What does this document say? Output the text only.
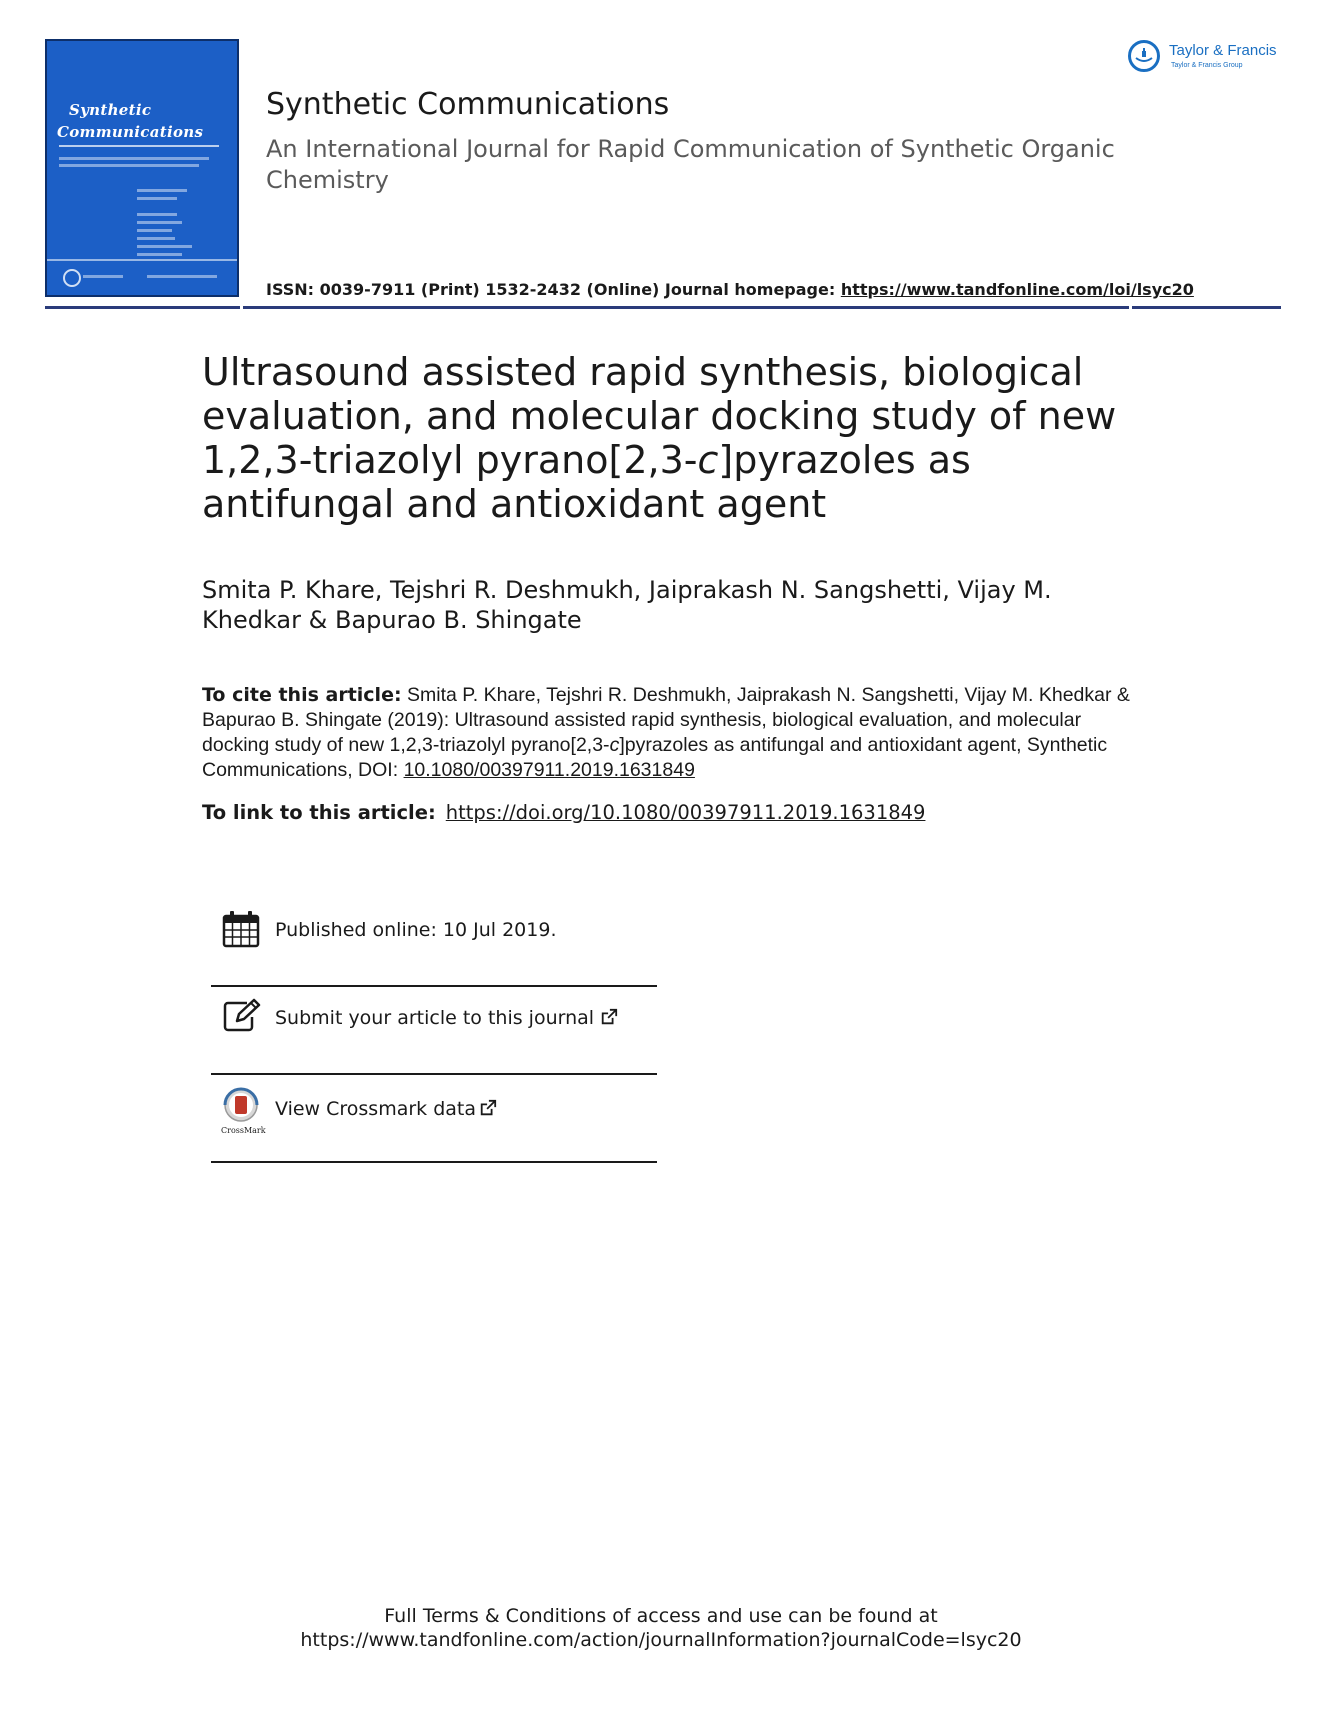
Synthetic
Communications
Taylor & Francis
Taylor & Francis Group
Synthetic Communications
An International Journal for Rapid Communication of Synthetic Organic Chemistry
ISSN: 0039-7911 (Print) 1532-2432 (Online) Journal homepage: https://www.tandfonline.com/loi/lsyc20
Ultrasound assisted rapid synthesis, biological evaluation, and molecular docking study of new 1,2,3-triazolyl pyrano[2,3-c]pyrazoles as antifungal and antioxidant agent
Smita P. Khare, Tejshri R. Deshmukh, Jaiprakash N. Sangshetti, Vijay M. Khedkar & Bapurao B. Shingate
To cite this article: Smita P. Khare, Tejshri R. Deshmukh, Jaiprakash N. Sangshetti, Vijay M. Khedkar & Bapurao B. Shingate (2019): Ultrasound assisted rapid synthesis, biological evaluation, and molecular docking study of new 1,2,3-triazolyl pyrano[2,3-c]pyrazoles as antifungal and antioxidant agent, Synthetic Communications, DOI: 10.1080/00397911.2019.1631849
To link to this article: https://doi.org/10.1080/00397911.2019.1631849
Published online: 10 Jul 2019.
Submit your article to this journal
CrossMark
View Crossmark data
Full Terms & Conditions of access and use can be found at
https://www.tandfonline.com/action/journalInformation?journalCode=lsyc20
